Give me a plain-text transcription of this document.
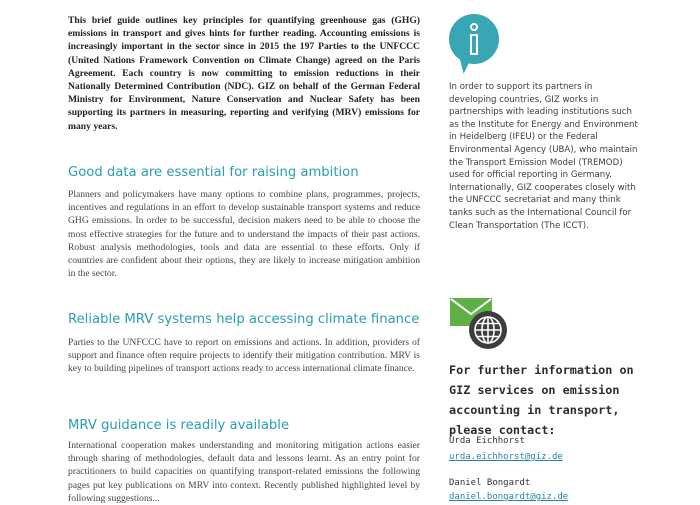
This brief guide outlines key principles for quantifying greenhouse gas (GHG) emissions in transport and gives hints for further reading. Accounting emissions is increasingly important in the sector since in 2015 the 197 Parties to the UNFCCC (United Nations Framework Convention on Climate Change) agreed on the Paris Agreement. Each country is now committing to emission reductions in their Nationally Determined Contribution (NDC). GIZ on behalf of the German Federal Ministry for Environment, Nature Conservation and Nuclear Safety has been supporting its partners in measuring, reporting and verifying (MRV) emissions for many years.

Good data are essential for raising ambition

Planners and policymakers have many options to combine plans, programmes, projects, incentives and regulations in an effort to develop sustainable transport systems and reduce GHG emissions. In order to be successful, decision makers need to be able to choose the most effective strategies for the future and to understand the impacts of their past actions. Robust analysis methodologies, tools and data are essential to these efforts. Only if countries are confident about their options, they are likely to increase mitigation ambition in the sector.

Reliable MRV systems help accessing climate finance

Parties to the UNFCCC have to report on emissions and actions. In addition, providers of support and finance often require projects to identify their mitigation contribution. MRV is key to building pipelines of transport actions ready to access international climate finance.

MRV guidance is readily available

International cooperation makes understanding and monitoring mitigation actions easier through sharing of methodologies, default data and lessons learnt. As an entry point for practitioners to build capacities on quantifying transport-related emissions the following pages put key publications on MRV into context. Recently published highlighted level by following suggestions...

In order to support its partners in developing countries, GIZ works in partnerships with leading institutions such as the Institute for Energy and Environment in Heidelberg (IFEU) or the Federal Environmental Agency (UBA), who maintain the Transport Emission Model (TREMOD) used for official reporting in Germany. Internationally, GIZ cooperates closely with the UNFCCC secretariat and many think tanks such as the International Council for Clean Transportation (The ICCT).

For further information on GIZ services on emission accounting in transport, please contact:

Urda Eichhorst
urda.eichhorst@giz.de
Daniel Bongardt
daniel.bongardt@giz.de
